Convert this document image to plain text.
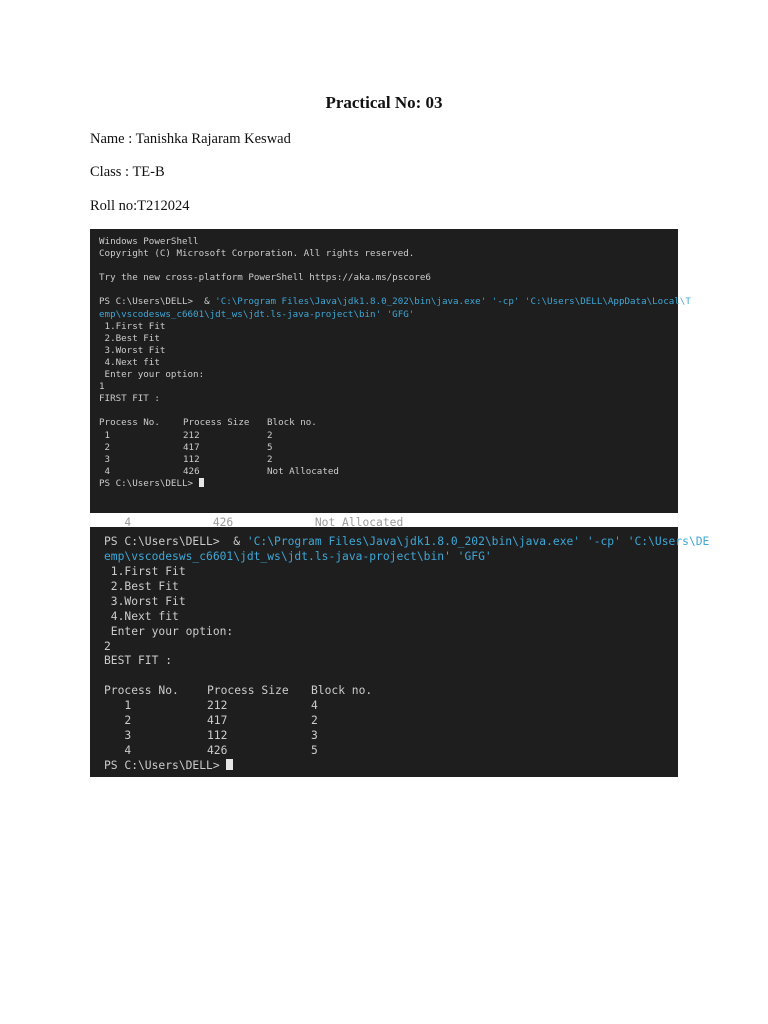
Practical No: 03
Name : Tanishka Rajaram Keswad
Class : TE-B
Roll no:T212024
Windows PowerShell
Copyright (C) Microsoft Corporation. All rights reserved.
Try the new cross-platform PowerShell https://aka.ms/pscore6
PS C:\Users\DELL>  & 'C:\Program Files\Java\jdk1.8.0_202\bin\java.exe' '-cp' 'C:\Users\DELL\AppData\Local\T
emp\vscodesws_c6601\jdt_ws\jdt.ls-java-project\bin' 'GFG'
1.First Fit
2.Best Fit
3.Worst Fit
4.Next fit
Enter your option:
1
FIRST FIT :
Process No.	Process Size Block no.
1	212	2
2	417	5
3	112	2
4	426	Not Allocated
PS C:\Users\DELL>
4            426            Not Allocated
PS C:\Users\DELL>  & 'C:\Program Files\Java\jdk1.8.0_202\bin\java.exe' '-cp' 'C:\Users\DE
emp\vscodesws_c6601\jdt_ws\jdt.ls-java-project\bin' 'GFG'
1.First Fit
2.Best Fit
3.Worst Fit
4.Next fit
Enter your option:
2
BEST FIT :
Process No. Process Size Block no.
1	212	4
2	417	2
3	112	3
4	426	5
PS C:\Users\DELL>
